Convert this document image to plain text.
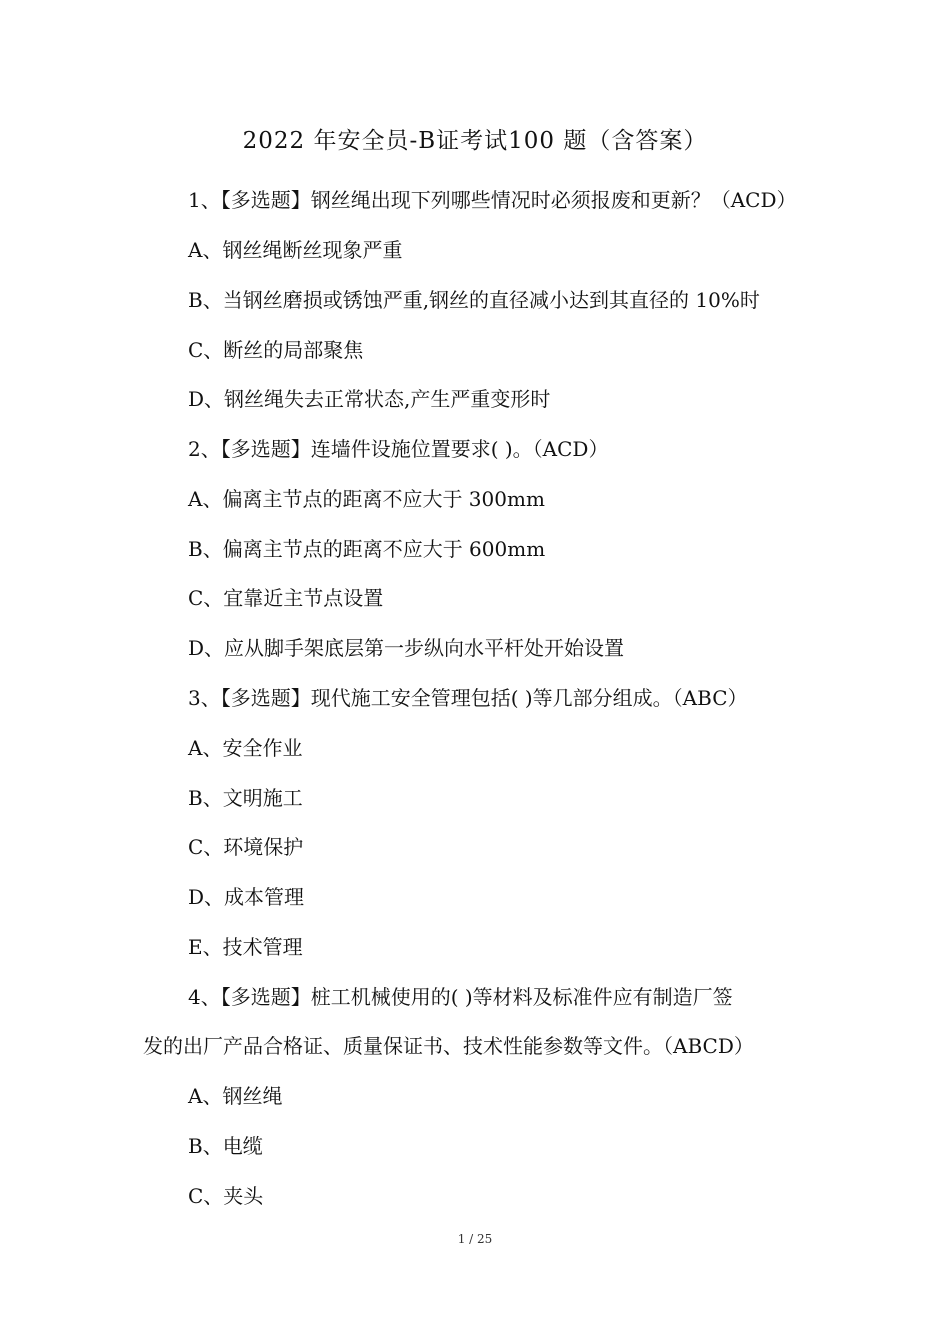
2022 年安全员-B证考试100 题（含答案）
1、【多选题】钢丝绳出现下列哪些情况时必须报废和更新？（ACD）
A、钢丝绳断丝现象严重
B、当钢丝磨损或锈蚀严重,钢丝的直径减小达到其直径的 10%时
C、断丝的局部聚焦
D、钢丝绳失去正常状态,产生严重变形时
2、【多选题】连墙件设施位置要求( )。（ACD）
A、偏离主节点的距离不应大于 300mm
B、偏离主节点的距离不应大于 600mm
C、宜靠近主节点设置
D、应从脚手架底层第一步纵向水平杆处开始设置
3、【多选题】现代施工安全管理包括( )等几部分组成。（ABC）
A、安全作业
B、文明施工
C、环境保护
D、成本管理
E、技术管理
4、【多选题】桩工机械使用的( )等材料及标准件应有制造厂签
发的出厂产品合格证、质量保证书、技术性能参数等文件。（ABCD）
A、钢丝绳
B、电缆
C、夹头
1 / 25
